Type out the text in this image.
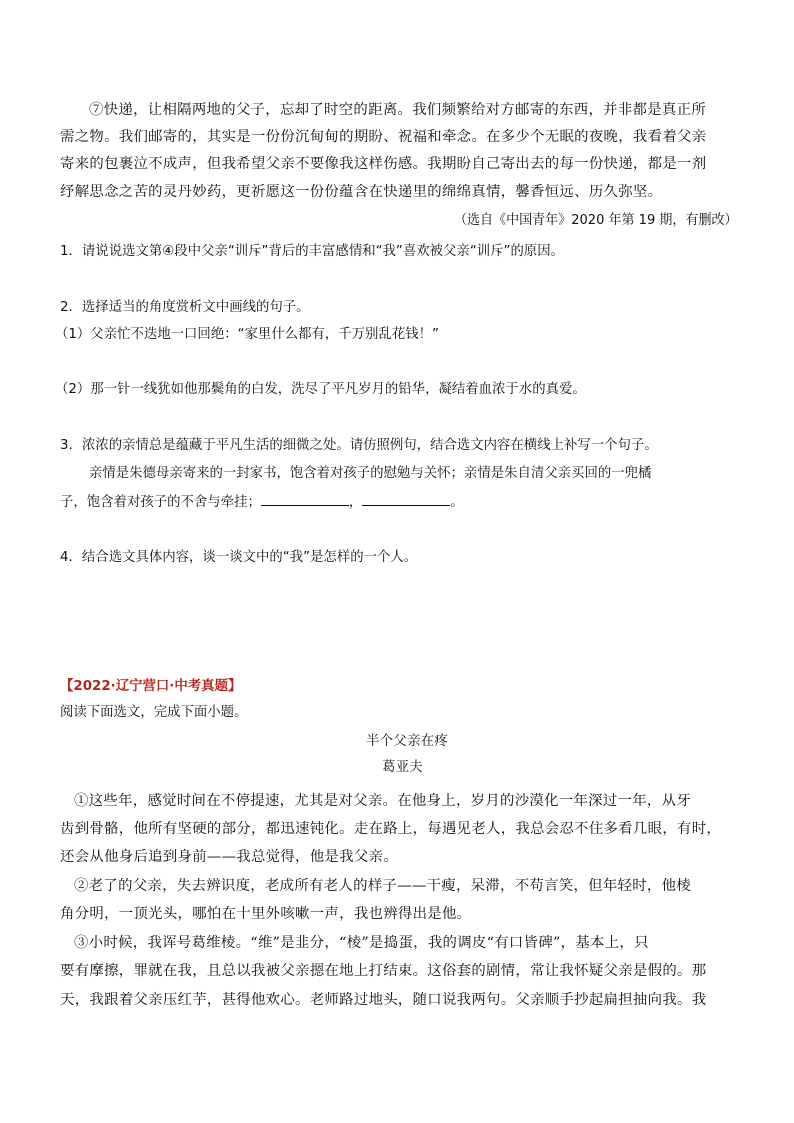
⑦快递，让相隔两地的父子，忘却了时空的距离。我们频繁给对方邮寄的东西，并非都是真正所

需之物。我们邮寄的，其实是一份份沉甸甸的期盼、祝福和牵念。在多少个无眠的夜晚，我看着父亲

寄来的包裹泣不成声，但我希望父亲不要像我这样伤感。我期盼自己寄出去的每一份快递，都是一剂

纾解思念之苦的灵丹妙药，更祈愿这一份份蕴含在快递里的绵绵真情，馨香恒远、历久弥坚。

（选自《中国青年》2020 年第 19 期，有删改）

1．请说说选文第④段中父亲“训斥”背后的丰富感情和“我”喜欢被父亲“训斥”的原因。

2．选择适当的角度赏析文中画线的句子。

（1）父亲忙不迭地一口回绝：“家里什么都有，千万别乱花钱！”

（2）那一针一线犹如他那鬓角的白发，洗尽了平凡岁月的铅华，凝结着血浓于水的真爱。

3．浓浓的亲情总是蕴藏于平凡生活的细微之处。请仿照例句，结合选文内容在横线上补写一个句子。

亲情是朱德母亲寄来的一封家书，饱含着对孩子的慰勉与关怀；亲情是朱自清父亲买回的一兜橘

子，饱含着对孩子的不舍与牵挂；	，	。

4．结合选文具体内容，谈一谈文中的“我”是怎样的一个人。

【2022·辽宁营口·中考真题】

阅读下面选文，完成下面小题。

半个父亲在疼

葛亚夫

①这些年，感觉时间在不停提速，尤其是对父亲。在他身上，岁月的沙漠化一年深过一年，从牙

齿到骨骼，他所有坚硬的部分，都迅速钝化。走在路上，每遇见老人，我总会忍不住多看几眼，有时，

还会从他身后追到身前——我总觉得，他是我父亲。

②老了的父亲，失去辨识度，老成所有老人的样子——干瘦，呆滞，不苟言笑，但年轻时，他棱

角分明，一顶光头，哪怕在十里外咳嗽一声，我也辨得出是他。

③小时候，我诨号葛维棱。“维”是韭分，“棱”是捣蛋，我的调皮“有口皆碑”，基本上，只

要有摩擦，罪就在我，且总以我被父亲摁在地上打结束。这俗套的剧情，常让我怀疑父亲是假的。那

天，我跟着父亲压红芋，甚得他欢心。老师路过地头，随口说我两句。父亲顺手抄起扁担抽向我。我
